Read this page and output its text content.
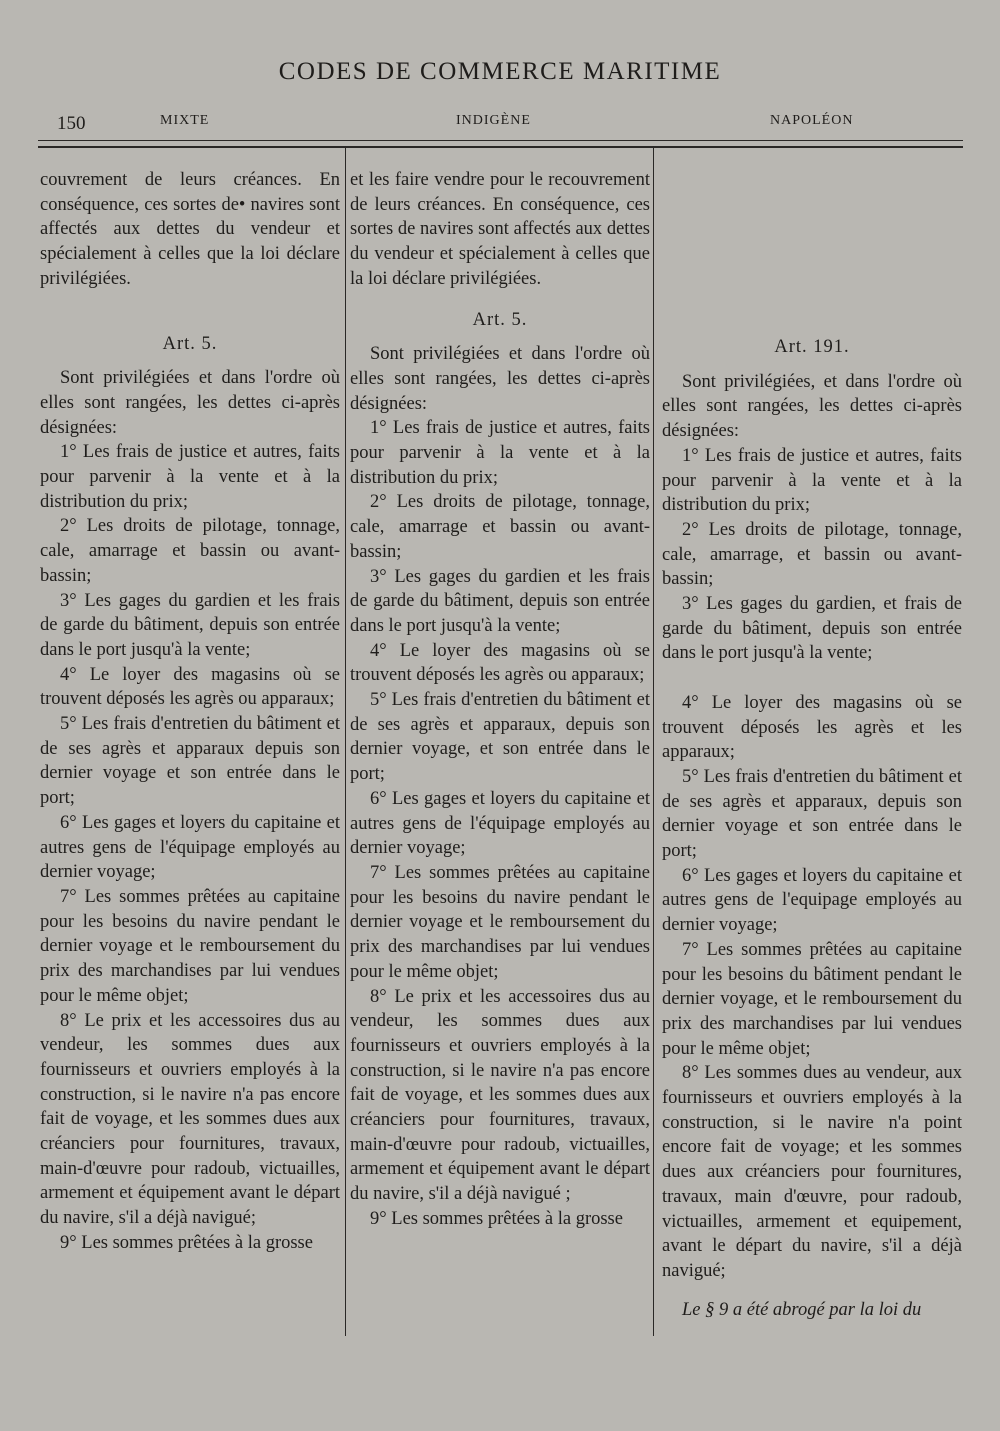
CODES DE COMMERCE MARITIME
150	MIXTE	INDIGÈNE	NAPOLÉON

couvrement de leurs créances. En conséquence, ces sortes de• navires sont affectés aux dettes du vendeur et spécialement à celles que la loi déclare privilégiées.

Art. 5.

Sont privilégiées et dans l'ordre où elles sont rangées, les dettes ci-après désignées:

1° Les frais de justice et autres, faits pour parvenir à la vente et à la distribution du prix;

2° Les droits de pilotage, tonnage, cale, amarrage et bassin ou avant-bassin;

3° Les gages du gardien et les frais de garde du bâtiment, depuis son entrée dans le port jusqu'à la vente;

4° Le loyer des magasins où se trouvent déposés les agrès ou apparaux;

5° Les frais d'entretien du bâtiment et de ses agrès et apparaux depuis son dernier voyage et son entrée dans le port;

6° Les gages et loyers du capitaine et autres gens de l'équipage employés au dernier voyage;

7° Les sommes prêtées au capitaine pour les besoins du navire pendant le dernier voyage et le remboursement du prix des marchandises par lui vendues pour le même objet;

8° Le prix et les accessoires dus au vendeur, les sommes dues aux fournisseurs et ouvriers employés à la construction, si le navire n'a pas encore fait de voyage, et les sommes dues aux créanciers pour fournitures, travaux, main-d'œuvre pour radoub, victuailles, armement et équipement avant le départ du navire, s'il a déjà navigué;

9° Les sommes prêtées à la grosse

et les faire vendre pour le recouvrement de leurs créances. En conséquence, ces sortes de navires sont affectés aux dettes du vendeur et spécialement à celles que la loi déclare privilégiées.

Art. 5.

Sont privilégiées et dans l'ordre où elles sont rangées, les dettes ci-après désignées:

1° Les frais de justice et autres, faits pour parvenir à la vente et à la distribution du prix;

2° Les droits de pilotage, tonnage, cale, amarrage et bassin ou avant-bassin;

3° Les gages du gardien et les frais de garde du bâtiment, depuis son entrée dans le port jusqu'à la vente;

4° Le loyer des magasins où se trouvent déposés les agrès ou apparaux;

5° Les frais d'entretien du bâtiment et de ses agrès et apparaux, depuis son dernier voyage, et son entrée dans le port;

6° Les gages et loyers du capitaine et autres gens de l'équipage employés au dernier voyage;

7° Les sommes prêtées au capitaine pour les besoins du navire pendant le dernier voyage et le remboursement du prix des marchandises par lui vendues pour le même objet;

8° Le prix et les accessoires dus au vendeur, les sommes dues aux fournisseurs et ouvriers employés à la construction, si le navire n'a pas encore fait de voyage, et les sommes dues aux créanciers pour fournitures, travaux, main-d'œuvre pour radoub, victuailles, armement et équipement avant le départ du navire, s'il a déjà navigué ;

9° Les sommes prêtées à la grosse

Art. 191.

Sont privilégiées, et dans l'ordre où elles sont rangées, les dettes ci-après désignées:

1° Les frais de justice et autres, faits pour parvenir à la vente et à la distribution du prix;

2° Les droits de pilotage, tonnage, cale, amarrage, et bassin ou avant-bassin;

3° Les gages du gardien, et frais de garde du bâtiment, depuis son entrée dans le port jusqu'à la vente;

4° Le loyer des magasins où se trouvent déposés les agrès et les apparaux;

5° Les frais d'entretien du bâtiment et de ses agrès et apparaux, depuis son dernier voyage et son entrée dans le port;

6° Les gages et loyers du capitaine et autres gens de l'equipage employés au dernier voyage;

7° Les sommes prêtées au capitaine pour les besoins du bâtiment pendant le dernier voyage, et le remboursement du prix des marchandises par lui vendues pour le même objet;

8° Les sommes dues au vendeur, aux fournisseurs et ouvriers employés à la construction, si le navire n'a point encore fait de voyage; et les sommes dues aux créanciers pour fournitures, travaux, main d'œuvre, pour radoub, victuailles, armement et equipement, avant le départ du navire, s'il a déjà navigué;

Le § 9 a été abrogé par la loi du
